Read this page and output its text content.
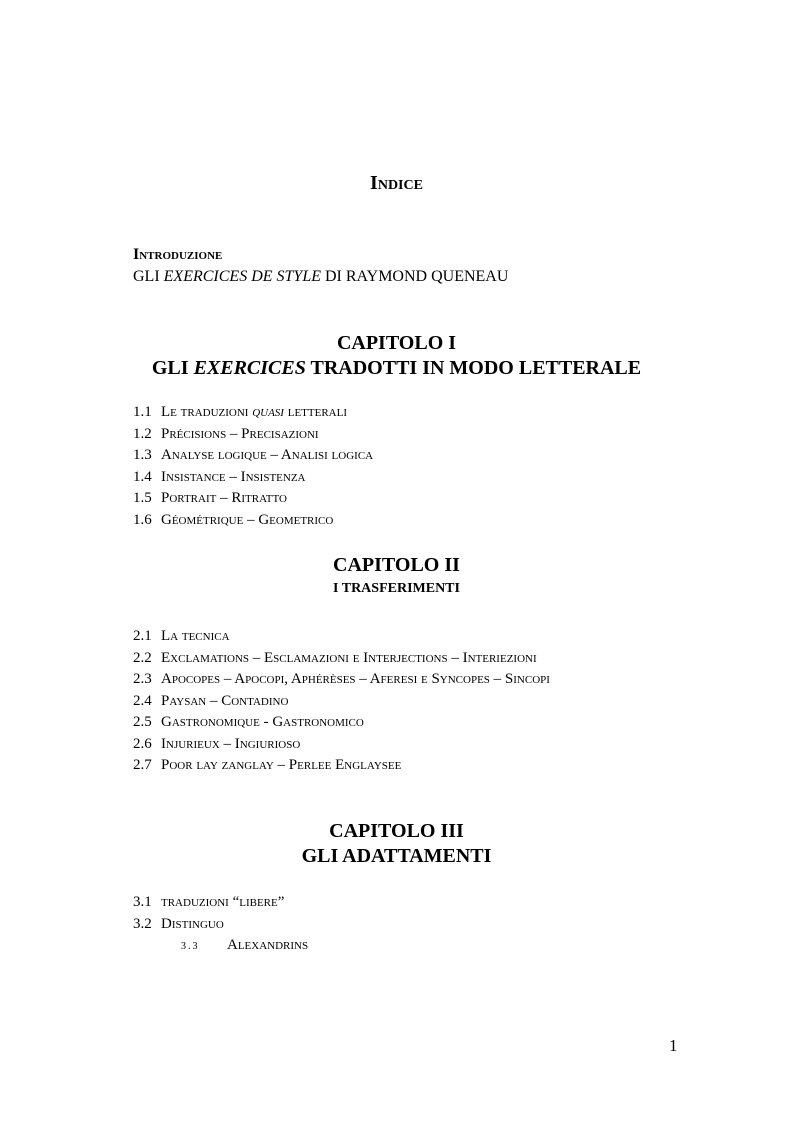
Indice
Introduzione
GLI EXERCICES DE STYLE DI RAYMOND QUENEAU
CAPITOLO I
GLI EXERCICES TRADOTTI IN MODO LETTERALE
1.1 Le traduzioni quasi letterali
1.2 Précisions – Precisazioni
1.3 Analyse logique – Analisi logica
1.4 Insistance – Insistenza
1.5 Portrait – Ritratto
1.6 Géométrique – Geometrico
CAPITOLO II
I TRASFERIMENTI
2.1 La tecnica
2.2 Exclamations – Esclamazioni e Interjections – Interiezioni
2.3 Apocopes – Apocopi, Aphérèses – Aferesi e Syncopes – Sincopi
2.4 Paysan – Contadino
2.5 Gastronomique - Gastronomico
2.6 Injurieux – Ingiurioso
2.7 Poor lay zanglay – Perlee Englaysee
CAPITOLO III
GLI ADATTAMENTI
3.1 traduzioni “libere”
3.2 Distinguo
3.3 Alexandrins
1
